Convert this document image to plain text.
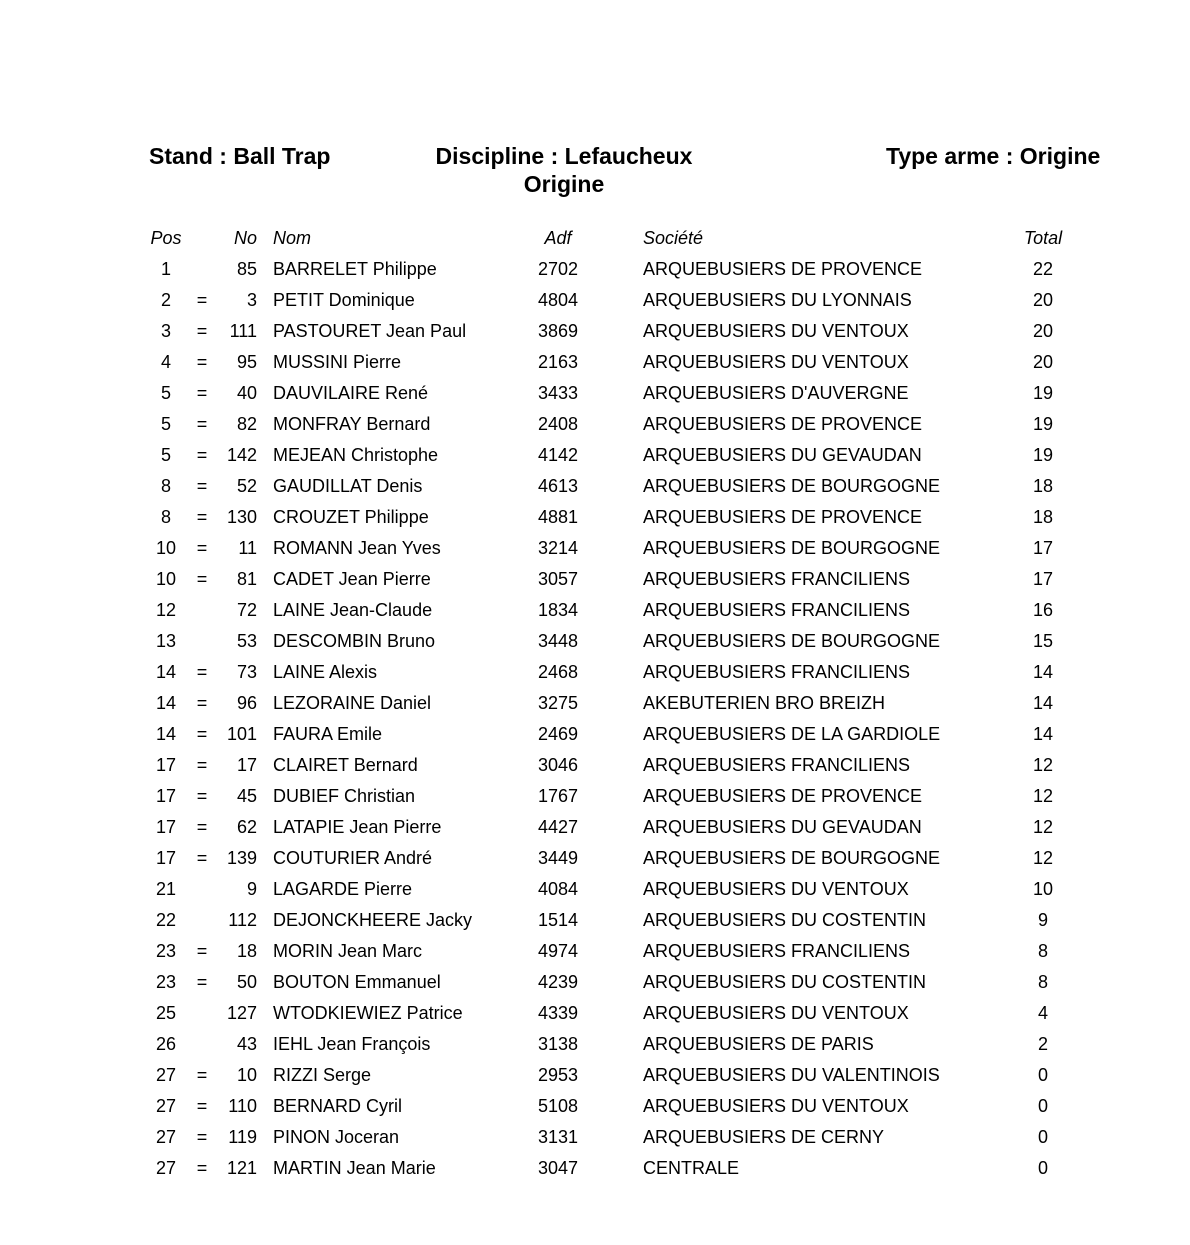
Stand : Ball Trap	Discipline : Lefaucheux
Origine
Type arme : Origine
Pos		No		Nom	Adf		Société	Total
1		85		BARRELET Philippe	2702		ARQUEBUSIERS DE PROVENCE	22
2	=	3		PETIT Dominique	4804		ARQUEBUSIERS DU LYONNAIS	20
3	=	111		PASTOURET Jean Paul	3869		ARQUEBUSIERS DU VENTOUX	20
4	=	95		MUSSINI Pierre	2163		ARQUEBUSIERS DU VENTOUX	20
5	=	40		DAUVILAIRE René	3433		ARQUEBUSIERS D'AUVERGNE	19
5	=	82		MONFRAY Bernard	2408		ARQUEBUSIERS DE PROVENCE	19
5	=	142		MEJEAN Christophe	4142		ARQUEBUSIERS DU GEVAUDAN	19
8	=	52		GAUDILLAT Denis	4613		ARQUEBUSIERS DE BOURGOGNE	18
8	=	130		CROUZET Philippe	4881		ARQUEBUSIERS DE PROVENCE	18
10	=	11		ROMANN Jean Yves	3214		ARQUEBUSIERS DE BOURGOGNE	17
10	=	81		CADET Jean Pierre	3057		ARQUEBUSIERS FRANCILIENS	17
12		72		LAINE Jean-Claude	1834		ARQUEBUSIERS FRANCILIENS	16
13		53		DESCOMBIN Bruno	3448		ARQUEBUSIERS DE BOURGOGNE	15
14	=	73		LAINE Alexis	2468		ARQUEBUSIERS FRANCILIENS	14
14	=	96		LEZORAINE Daniel	3275		AKEBUTERIEN BRO BREIZH	14
14	=	101		FAURA Emile	2469		ARQUEBUSIERS DE LA GARDIOLE	14
17	=	17		CLAIRET Bernard	3046		ARQUEBUSIERS FRANCILIENS	12
17	=	45		DUBIEF Christian	1767		ARQUEBUSIERS DE PROVENCE	12
17	=	62		LATAPIE Jean Pierre	4427		ARQUEBUSIERS DU GEVAUDAN	12
17	=	139		COUTURIER André	3449		ARQUEBUSIERS DE BOURGOGNE	12
21		9		LAGARDE Pierre	4084		ARQUEBUSIERS DU VENTOUX	10
22		112		DEJONCKHEERE Jacky	1514		ARQUEBUSIERS DU COSTENTIN	9
23	=	18		MORIN Jean Marc	4974		ARQUEBUSIERS FRANCILIENS	8
23	=	50		BOUTON Emmanuel	4239		ARQUEBUSIERS DU COSTENTIN	8
25		127		WTODKIEWIEZ Patrice	4339		ARQUEBUSIERS DU VENTOUX	4
26		43		IEHL Jean François	3138		ARQUEBUSIERS DE PARIS	2
27	=	10		RIZZI Serge	2953		ARQUEBUSIERS DU VALENTINOIS	0
27	=	110		BERNARD Cyril	5108		ARQUEBUSIERS DU VENTOUX	0
27	=	119		PINON Jocеran	3131		ARQUEBUSIERS DE CERNY	0
27	=	121		MARTIN Jean Marie	3047		CENTRALE	0
